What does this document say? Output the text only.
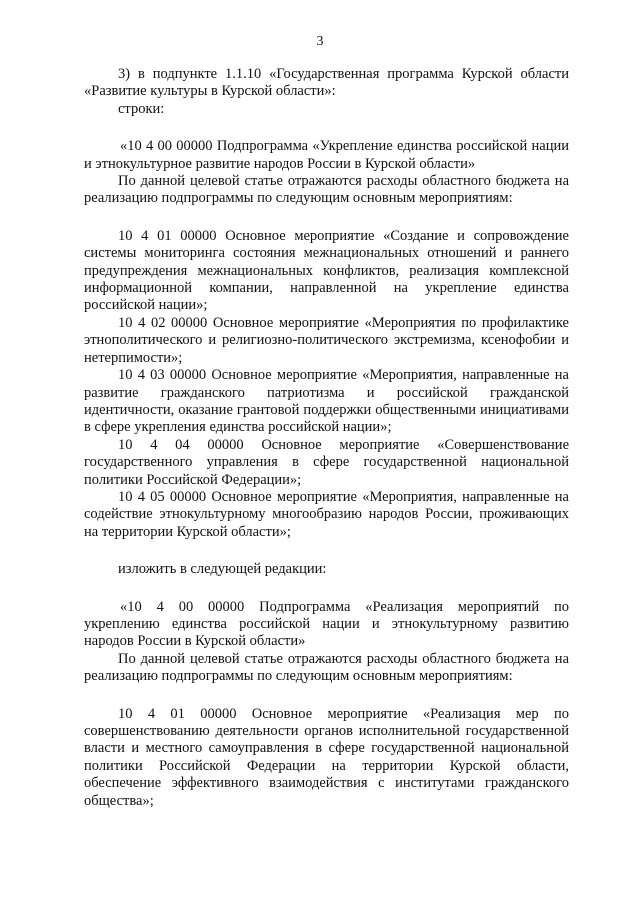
3

3) в подпункте 1.1.10 «Государственная программа Курской области «Развитие культуры в Курской области»:

строки:

«10 4 00 00000 Подпрограмма «Укрепление единства российской нации и этнокультурное развитие народов России в Курской области»

По данной целевой статье отражаются расходы областного бюджета на реализацию подпрограммы по следующим основным мероприятиям:

10 4 01 00000 Основное мероприятие «Создание и сопровождение системы мониторинга состояния межнациональных отношений и раннего предупреждения межнациональных конфликтов, реализация комплексной информационной компании, направленной на укрепление единства российской нации»;

10 4 02 00000 Основное мероприятие «Мероприятия по профилактике этнополитического и религиозно-политического экстремизма, ксенофобии и нетерпимости»;

10 4 03 00000 Основное мероприятие «Мероприятия, направленные на развитие гражданского патриотизма и российской гражданской идентичности, оказание грантовой поддержки общественными инициативами в сфере укрепления единства российской нации»;

10 4 04 00000 Основное мероприятие «Совершенствование государственного управления в сфере государственной национальной политики Российской Федерации»;

10 4 05 00000 Основное мероприятие «Мероприятия, направленные на содействие этнокультурному многообразию народов России, проживающих на территории Курской области»;

изложить в следующей редакции:

«10 4 00 00000 Подпрограмма «Реализация мероприятий по укреплению единства российской нации и этнокультурному развитию народов России в Курской области»

По данной целевой статье отражаются расходы областного бюджета на реализацию подпрограммы по следующим основным мероприятиям:

10 4 01 00000 Основное мероприятие «Реализация мер по совершенствованию деятельности органов исполнительной государственной власти и местного самоуправления в сфере государственной национальной политики Российской Федерации на территории Курской области, обеспечение эффективного взаимодействия с институтами гражданского общества»;
